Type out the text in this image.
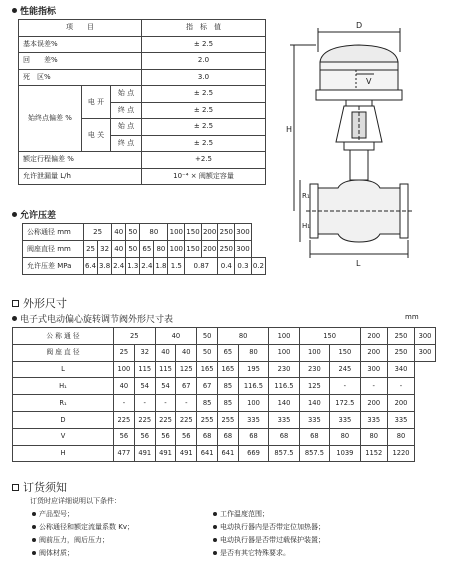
性能指标
项　　目			指　标　值
基本误差%			± 2.5
回　　差%			2.0
死　区%			3.0
始终点偏差 %	电 开	始 点	± 2.5
		终 点	± 2.5
	电 关	始 点	± 2.5
		终 点	± 2.5
额定行程偏差 %			+2.5
允许泄漏量 L/h			10⁻⁴ × 阀额定容量
允许压差
公称通径 mm	25		40	50	80		100	150	200	250	300	
阀座直径 mm	25	32	40	50	65	80	100	150	200	250	300	
允许压差 MPa	6.4	3.8	2.4	1.3	2.4	1.8	1.5	0.87		0.4	0.3	0.2
D
V
H
R₁
H₁
L
外形尺寸
电子式电动偏心旋转调节阀外形尺寸表	mm
公 称 通 径	25		40		50	80		100	150		200	250	300
阀 座 直 径	25	32	40	40	50	65	80	100	100	150	200	250	300
L	100	115	115	125	165	165	195	230	230	245	300	340	
H₁	40	54	54	67	67	85	116.5	116.5	125	-	-	-	
R₁	-	-	-	-	85	85	100	140	140	172.5	200	200	
D	225	225	225	225	255	255	335	335	335	335	335	335	
V	56	56	56	56	68	68	68	68	68	80	80	80	
H	477	491	491	491	641	641	669	857.5	857.5	1039	1152	1220	
订货须知
订货时应详细说明以下条件：
产品型号；
公称通径和额定流量系数 Kv；
阀前压力，阀后压力；
阀体材质；
工作温度范围；
电动执行器内是否带定位加热器；
电动执行器是否带过载保护装置；
是否有其它特殊要求。
